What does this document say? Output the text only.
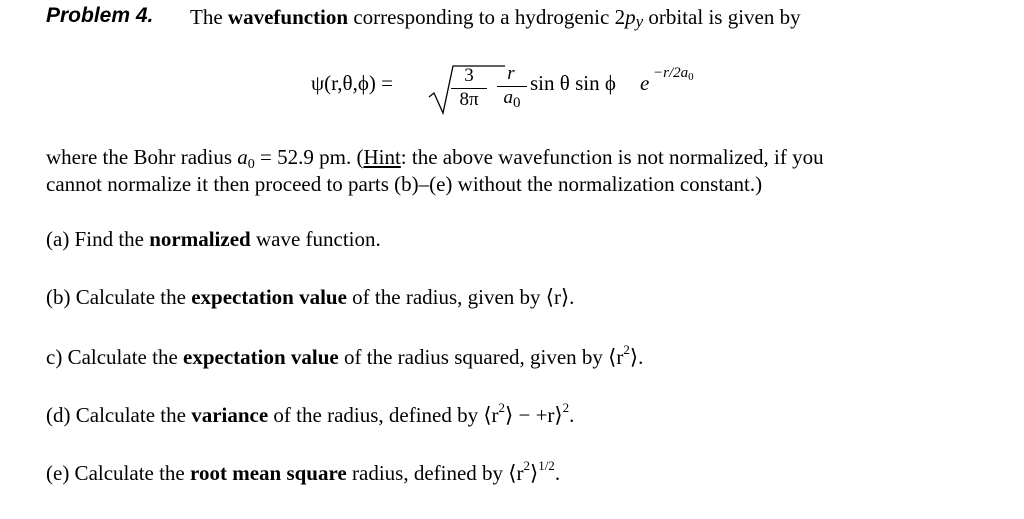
Problem 4. The wavefunction corresponding to a hydrogenic 2py orbital is given by
ψ(r,θ,ϕ) =	3
8π
r
$a_0$
sin θ sin ϕ $e -r/2a_0$
where the Bohr radius a0 = 52.9 pm. (Hint: the above wavefunction is not normalized, if you
cannot normalize it then proceed to parts (b)–(e) without the normalization constant.)
(a) Find the normalized wave function.
(b) Calculate the expectation value of the radius, given by ⟨r⟩.
c) Calculate the expectation value of the radius squared, given by $⟨r^2⟩$.
(d) Calculate the variance of the radius, defined by $⟨r^2⟩$ − +r⟩$^2$.
(e) Calculate the root mean square radius, defined by $⟨r^2⟩^{1/2}$.
